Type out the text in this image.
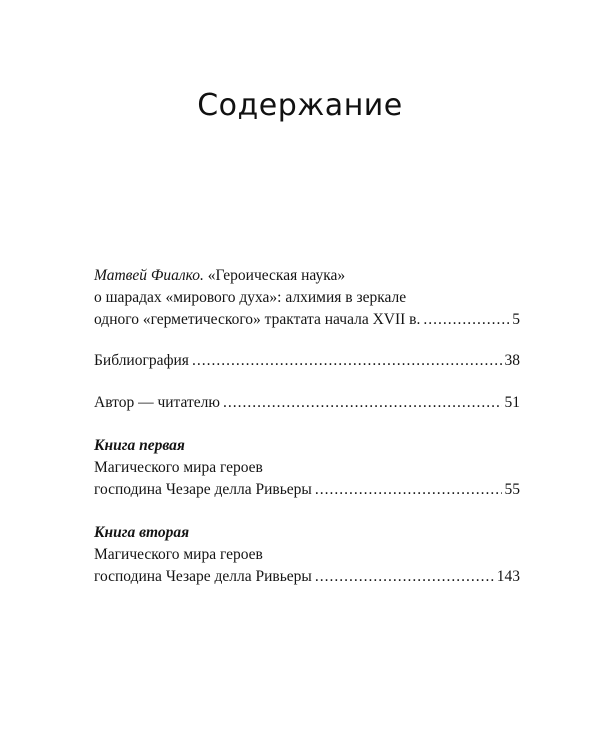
Содержание
Матвей Фиалко. «Героическая наука»
о шарадах «мирового духа»: алхимия в зеркале
одного «герметического» трактата начала XVII в. .....	5
Библиография .....	38
Автор — читателю .....	51
Книга первая
Магического мира героев
господина Чезаре делла Ривьеры .....	55
Книга вторая
Магического мира героев
господина Чезаре делла Ривьеры .....	143
